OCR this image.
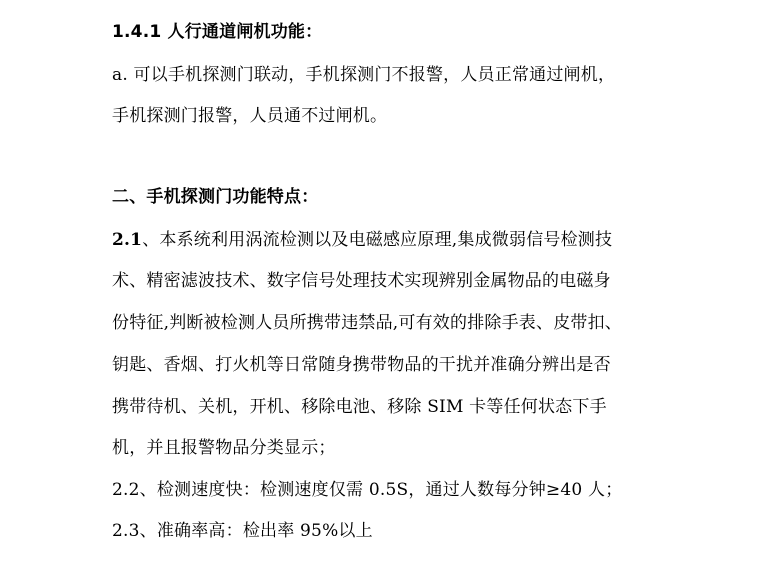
1.4.1 人行通道闸机功能：
a. 可以手机探测门联动，手机探测门不报警，人员正常通过闸机，
手机探测门报警，人员通不过闸机。
二、手机探测门功能特点：
2.1、本系统利用涡流检测以及电磁感应原理,集成微弱信号检测技
术、精密滤波技术、数字信号处理技术实现辨别金属物品的电磁身
份特征,判断被检测人员所携带违禁品,可有效的排除手表、皮带扣、
钥匙、香烟、打火机等日常随身携带物品的干扰并准确分辨出是否
携带待机、关机，开机、移除电池、移除 SIM 卡等任何状态下手
机，并且报警物品分类显示；
2.2、检测速度快：检测速度仅需 0.5S，通过人数每分钟≥40 人；
2.3、准确率高：检出率 95%以上
